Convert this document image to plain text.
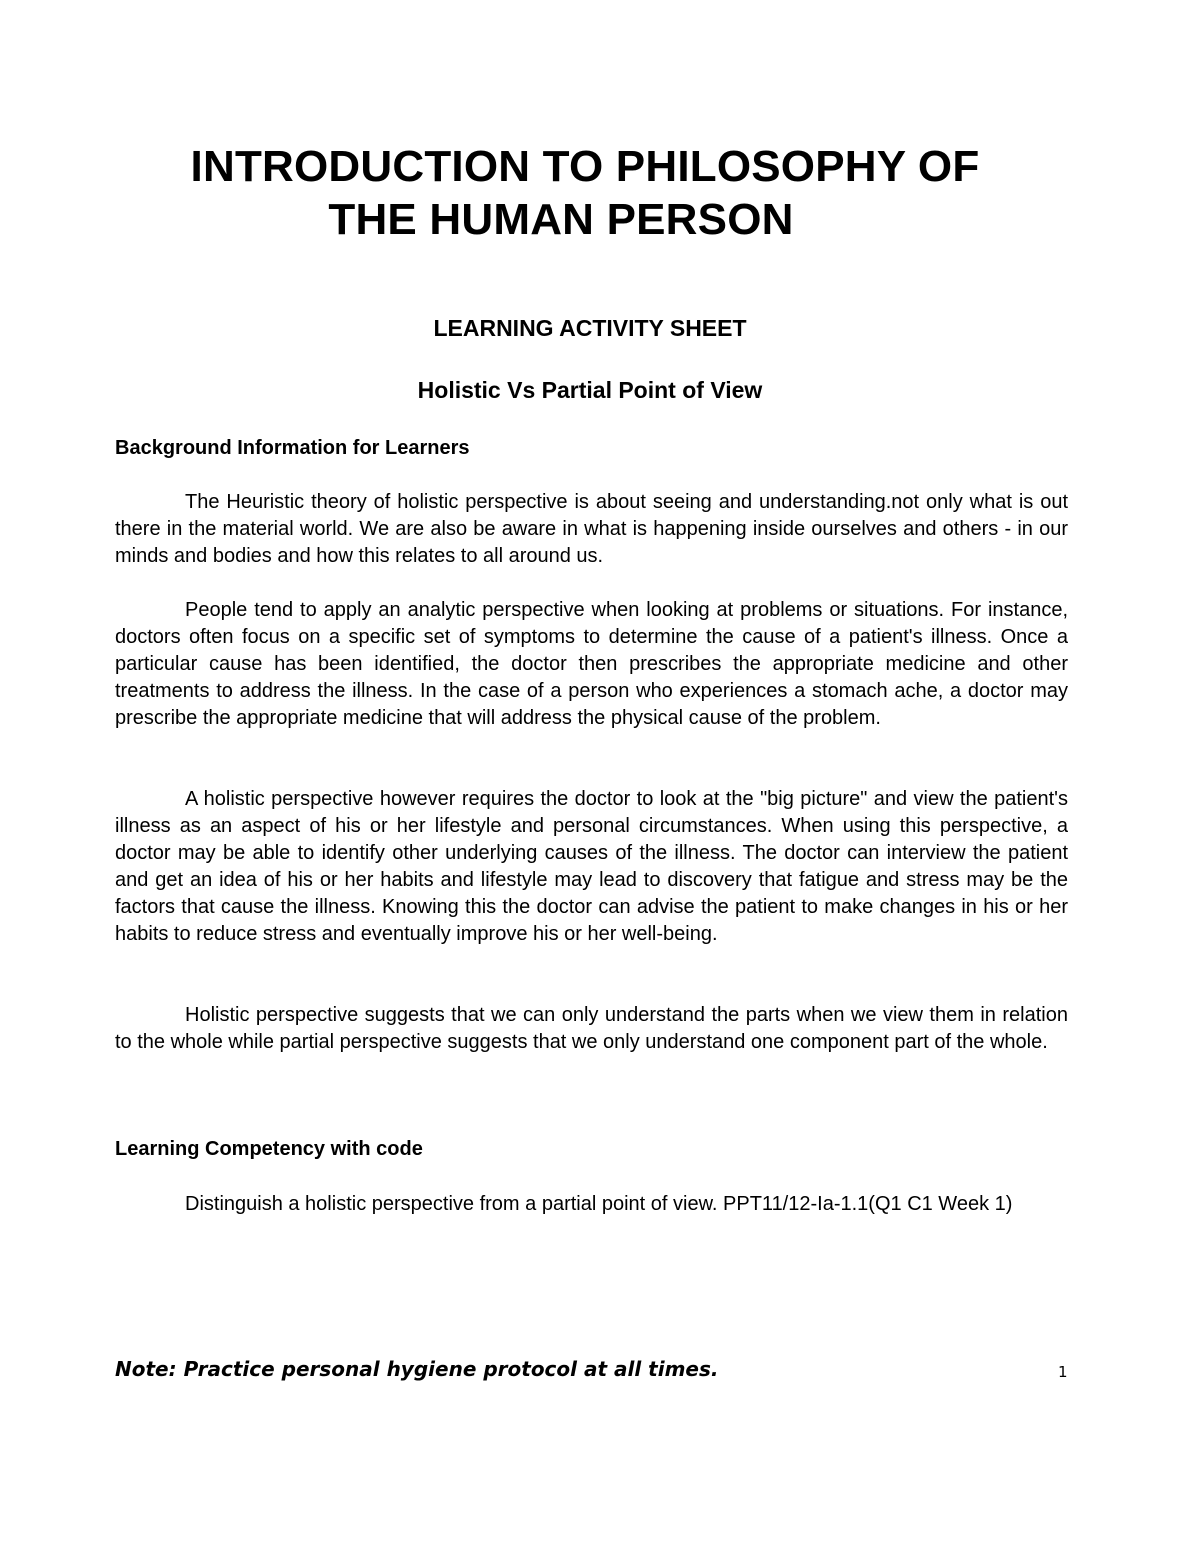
INTRODUCTION TO PHILOSOPHY OF
THE HUMAN PERSON
LEARNING ACTIVITY SHEET
Holistic Vs Partial Point of View
Background Information for Learners

The Heuristic theory of holistic perspective is about seeing and understanding.not only what is out there in the material world. We are also be aware in what is happening inside ourselves and others - in our minds and bodies and how this relates to all around us.

People tend to apply an analytic perspective when looking at problems or situations. For instance, doctors often focus on a specific set of symptoms to determine the cause of a patient's illness. Once a particular cause has been identified, the doctor then prescribes the appropriate medicine and other treatments to address the illness. In the case of a person who experiences a stomach ache, a doctor may prescribe the appropriate medicine that will address the physical cause of the problem.

A holistic perspective however requires the doctor to look at the "big picture" and view the patient's illness as an aspect of his or her lifestyle and personal circumstances. When using this perspective, a doctor may be able to identify other underlying causes of the illness. The doctor can interview the patient and get an idea of his or her habits and lifestyle may lead to discovery that fatigue and stress may be the factors that cause the illness. Knowing this the doctor can advise the patient to make changes in his or her habits to reduce stress and eventually improve his or her well-being.

Holistic perspective suggests that we can only understand the parts when we view them in relation to the whole while partial perspective suggests that we only understand one component part of the whole.

Learning Competency with code

Distinguish a holistic perspective from a partial point of view. PPT11/12-Ia-1.1(Q1 C1 Week 1)

Note: Practice personal hygiene protocol at all times.	1
